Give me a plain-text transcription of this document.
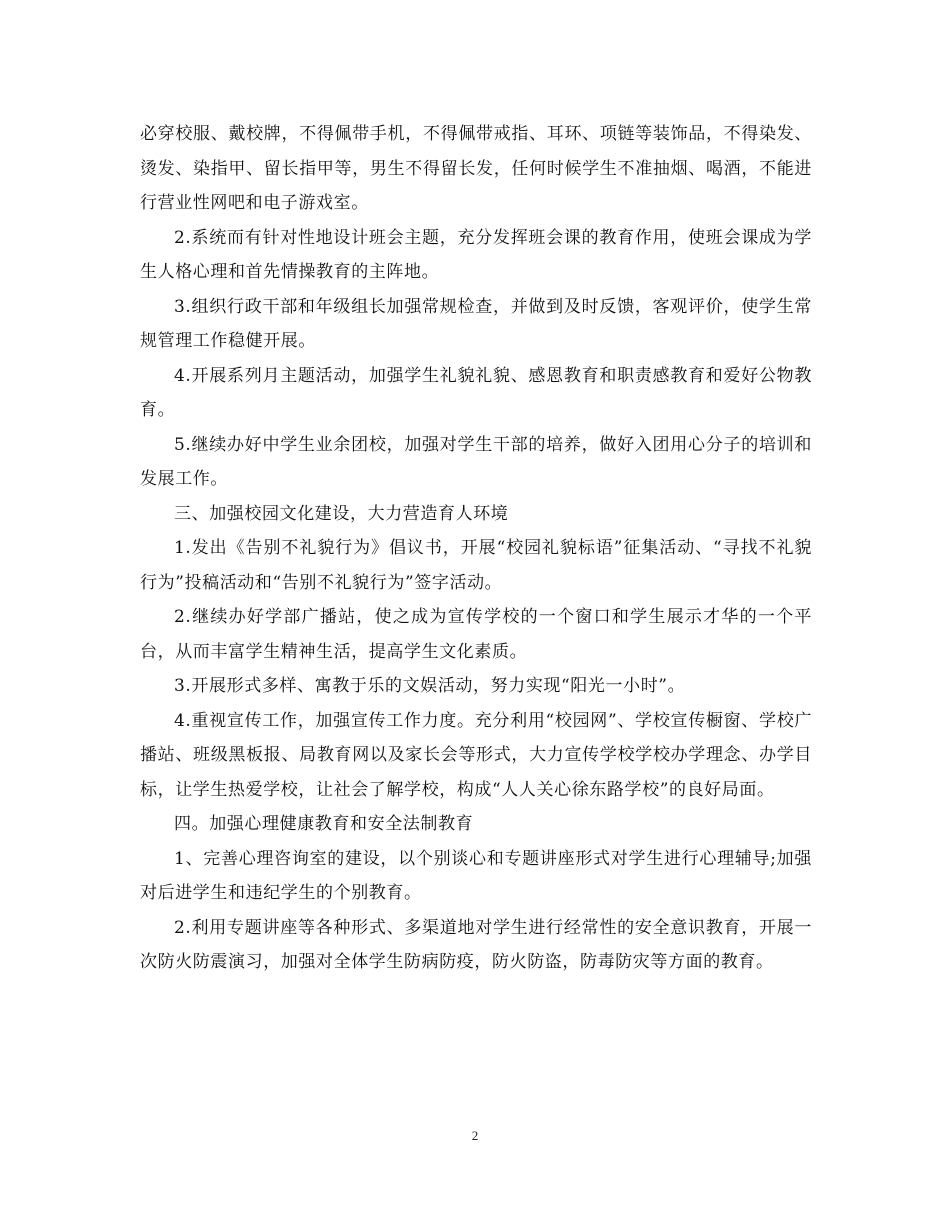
必穿校服、戴校牌，不得佩带手机，不得佩带戒指、耳环、项链等装饰品，不得染发、烫发、染指甲、留长指甲等，男生不得留长发，任何时候学生不准抽烟、喝酒，不能进行营业性网吧和电子游戏室。

2.系统而有针对性地设计班会主题，充分发挥班会课的教育作用，使班会课成为学生人格心理和首先情操教育的主阵地。

3.组织行政干部和年级组长加强常规检查，并做到及时反馈，客观评价，使学生常规管理工作稳健开展。

4.开展系列月主题活动，加强学生礼貌礼貌、感恩教育和职责感教育和爱好公物教育。

5.继续办好中学生业余团校，加强对学生干部的培养，做好入团用心分子的培训和发展工作。

三、加强校园文化建设，大力营造育人环境

1.发出《告别不礼貌行为》倡议书，开展“校园礼貌标语”征集活动、“寻找不礼貌行为”投稿活动和“告别不礼貌行为”签字活动。

2.继续办好学部广播站，使之成为宣传学校的一个窗口和学生展示才华的一个平台，从而丰富学生精神生活，提高学生文化素质。

3.开展形式多样、寓教于乐的文娱活动，努力实现“阳光一小时”。

4.重视宣传工作，加强宣传工作力度。充分利用“校园网”、学校宣传橱窗、学校广播站、班级黑板报、局教育网以及家长会等形式，大力宣传学校学校办学理念、办学目标，让学生热爱学校，让社会了解学校，构成“人人关心徐东路学校”的良好局面。

四。加强心理健康教育和安全法制教育

1、完善心理咨询室的建设，以个别谈心和专题讲座形式对学生进行心理辅导;加强对后进学生和违纪学生的个别教育。

2.利用专题讲座等各种形式、多渠道地对学生进行经常性的安全意识教育，开展一次防火防震演习，加强对全体学生防病防疫，防火防盗，防毒防灾等方面的教育。

2
